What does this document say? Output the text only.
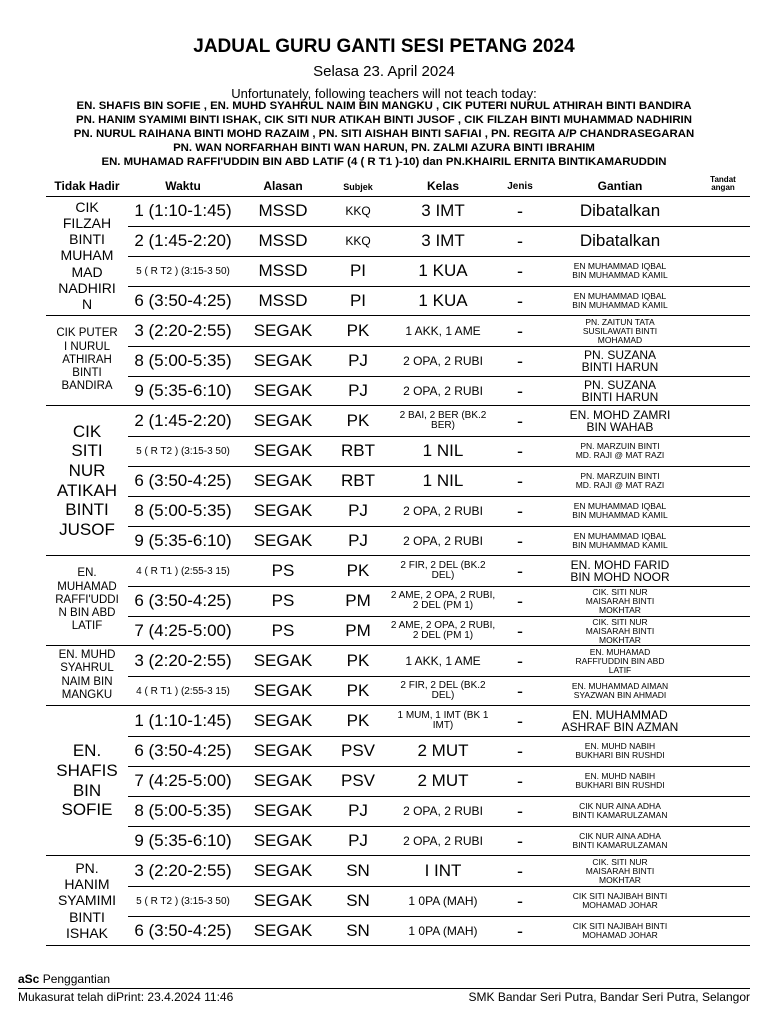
JADUAL GURU GANTI SESI PETANG 2024
Selasa 23. April 2024
Unfortunately, following teachers will not teach today:
EN. SHAFIS BIN SOFIE , EN. MUHD SYAHRUL NAIM BIN MANGKU , CIK PUTERI NURUL ATHIRAH BINTI BANDIRA
PN. HANIM SYAMIMI BINTI ISHAK, CIK SITI NUR ATIKAH BINTI JUSOF , CIK FILZAH BINTI MUHAMMAD NADHIRIN
PN. NURUL RAIHANA BINTI MOHD RAZAIM , PN. SITI AISHAH BINTI SAFIAI , PN. REGITA A/P CHANDRASEGARAN
PN. WAN NORFARHAH BINTI WAN HARUN, PN. ZALMI AZURA BINTI IBRAHIM
EN. MUHAMAD RAFFI'UDDIN BIN ABD LATIF (4 ( R T1 )-10) dan PN.KHAIRIL ERNITA BINTIKAMARUDDIN
Tidak Hadir	Waktu	Alasan	Subjek	Kelas	Jenis	Gantian	Tandat
angan
CIK
FILZAH
BINTI
MUHAM
MAD
NADHIRI
N
1 (1:10-1:45)	MSSD	KKQ	3 IMT	-	Dibatalkan
2 (1:45-2:20)	MSSD	KKQ	3 IMT	-	Dibatalkan
5 ( R T2 ) (3:15-3 50)	MSSD	PI	1 KUA	-	EN MUHAMMAD IQBAL
BIN MUHAMMAD KAMIL
6 (3:50-4:25)	MSSD	PI	1 KUA	-	EN MUHAMMAD IQBAL
BIN MUHAMMAD KAMIL
CIK PUTER
I NURUL
ATHIRAH
BINTI
BANDIRA
3 (2:20-2:55)	SEGAK	PK	1 AKK, 1 AME	-	PN. ZAITUN TATA
SUSILAWATI BINTI
MOHAMAD
8 (5:00-5:35)	SEGAK	PJ	2 OPA, 2 RUBI	-	PN. SUZANA
BINTI HARUN
9 (5:35-6:10)	SEGAK	PJ	2 OPA, 2 RUBI	-	PN. SUZANA
BINTI HARUN
CIK
SITI
NUR
ATIKAH
BINTI
JUSOF
2 (1:45-2:20)	SEGAK	PK	2 BAI, 2 BER (BK.2 BER)	-	EN. MOHD ZAMRI
BIN WAHAB
5 ( R T2 ) (3:15-3 50)	SEGAK	RBT	1 NIL	-	PN. MARZUIN BINTI
MD. RAJI @ MAT RAZI
6 (3:50-4:25)	SEGAK	RBT	1 NIL	-	PN. MARZUIN BINTI
MD. RAJI @ MAT RAZI
8 (5:00-5:35)	SEGAK	PJ	2 OPA, 2 RUBI	-	EN MUHAMMAD IQBAL
BIN MUHAMMAD KAMIL
9 (5:35-6:10)	SEGAK	PJ	2 OPA, 2 RUBI	-	EN MUHAMMAD IQBAL
BIN MUHAMMAD KAMIL
EN.
MUHAMAD
RAFFI'UDDI
N BIN ABD
LATIF
4 ( R T1 ) (2:55-3 15)	PS	PK	2 FIR, 2 DEL (BK.2 DEL)	-	EN. MOHD FARID
BIN MOHD NOOR
6 (3:50-4:25)	PS	PM	2 AME, 2 OPA, 2 RUBI, 2 DEL (PM 1)	-	CIK. SITI NUR
MAISARAH BINTI
MOKHTAR
7 (4:25-5:00)	PS	PM	2 AME, 2 OPA, 2 RUBI, 2 DEL (PM 1)	-	CIK. SITI NUR
MAISARAH BINTI
MOKHTAR
EN. MUHD
SYAHRUL
NAIM BIN
MANGKU
3 (2:20-2:55)	SEGAK	PK	1 AKK, 1 AME	-	EN. MUHAMAD
RAFFI'UDDIN BIN ABD
LATIF
4 ( R T1 ) (2:55-3 15)	SEGAK	PK	2 FIR, 2 DEL (BK.2 DEL)	-	EN. MUHAMMAD AIMAN
SYAZWAN BIN AHMADI
EN.
SHAFIS
BIN
SOFIE
1 (1:10-1:45)	SEGAK	PK	1 MUM, 1 IMT (BK 1 IMT)	-	EN. MUHAMMAD
ASHRAF BIN AZMAN
6 (3:50-4:25)	SEGAK	PSV	2 MUT	-	EN. MUHD NABIH
BUKHARI BIN RUSHDI
7 (4:25-5:00)	SEGAK	PSV	2 MUT	-	EN. MUHD NABIH
BUKHARI BIN RUSHDI
8 (5:00-5:35)	SEGAK	PJ	2 OPA, 2 RUBI	-	CIK NUR AINA ADHA
BINTI KAMARULZAMAN
9 (5:35-6:10)	SEGAK	PJ	2 OPA, 2 RUBI	-	CIK NUR AINA ADHA
BINTI KAMARULZAMAN
PN.
HANIM
SYAMIMI
BINTI
ISHAK
3 (2:20-2:55)	SEGAK	SN	I INT	-	CIK. SITI NUR
MAISARAH BINTI
MOKHTAR
5 ( R T2 ) (3:15-3 50)	SEGAK	SN	1 0PA (MAH)	-	CIK SITI NAJIBAH BINTI
MOHAMAD JOHAR
6 (3:50-4:25)	SEGAK	SN	1 0PA (MAH)	-	CIK SITI NAJIBAH BINTI
MOHAMAD JOHAR
aSc Penggantian
Mukasurat telah diPrint: 23.4.2024 11:46	SMK Bandar Seri Putra, Bandar Seri Putra, Selangor
